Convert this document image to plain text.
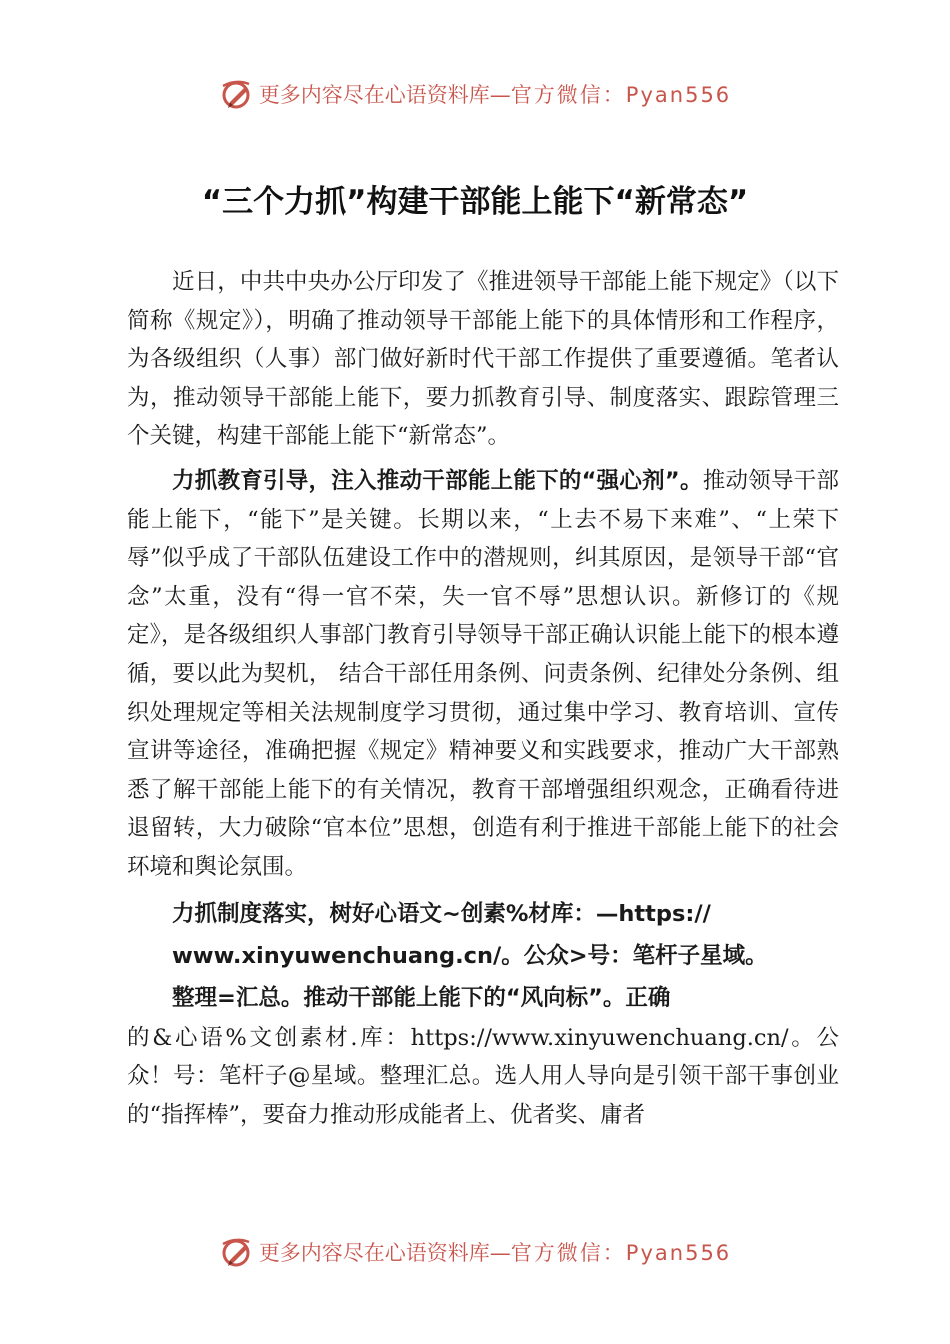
更多内容尽在心语资料库— 官方微信：Pyan556
“三个力抓”构建干部能上能下“新常态”

近日，中共中央办公厅印发了《推进领导干部能上能下规定》（以下简称《规定》），明确了推动领导干部能上能下的具体情形和工作程序，为各级组织（人事）部门做好新时代干部工作提供了重要遵循。笔者认为，推动领导干部能上能下，要力抓教育引导、制度落实、跟踪管理三个关键，构建干部能上能下“新常态”。

力抓教育引导，注入推动干部能上能下的“强心剂”。推动领导干部能上能下，“能下”是关键。长期以来，“上去不易下来难”、“上荣下辱”似乎成了干部队伍建设工作中的潜规则，纠其原因，是领导干部“官念”太重，没有“得一官不荣，失一官不辱”思想认识。新修订的《规定》，是各级组织人事部门教育引导领导干部正确认识能上能下的根本遵循，要以此为契机， 结合干部任用条例、问责条例、纪律处分条例、组织处理规定等相关法规制度学习贯彻，通过集中学习、教育培训、宣传宣讲等途径，准确把握《规定》精神要义和实践要求，推动广大干部熟悉了解干部能上能下的有关情况，教育干部增强组织观念，正确看待进退留转，大力破除“官本位”思想，创造有利于推进干部能上能下的社会环境和舆论氛围。

力抓制度落实，树好心语文~创素%材库：—https://
www.xinyuwenchuang.cn/。公众>号：笔杆子星域。
整理=汇总。推动干部能上能下的“风向标”。正确
的&心语%文创素材.库：https://www.xinyuwenchuang.cn/。公众！号：笔杆子@星域。整理汇总。选人用人导向是引领干部干事创业的“指挥棒”，要奋力推动形成能者上、优者奖、庸者
更多内容尽在心语资料库— 官方微信：Pyan556
